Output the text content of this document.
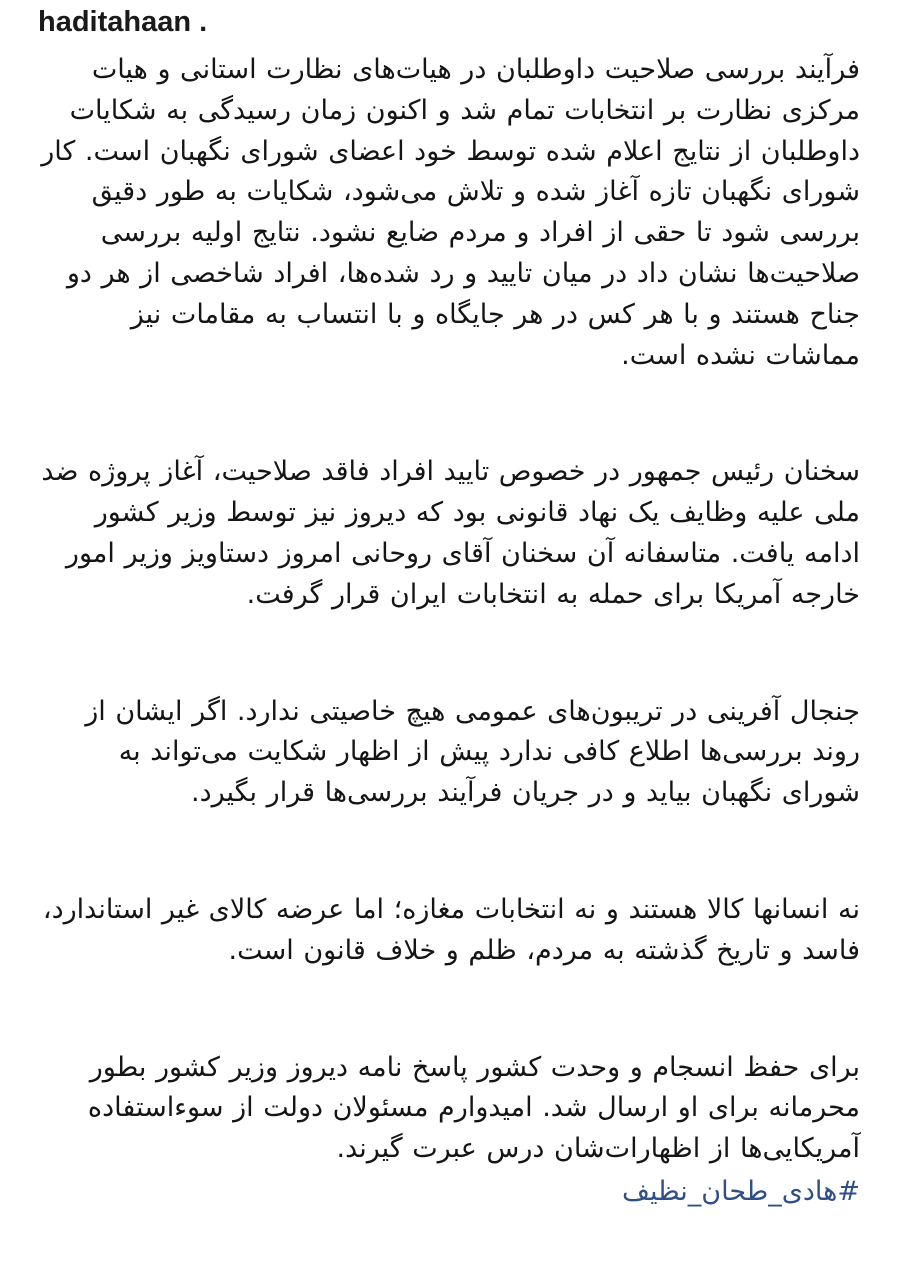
haditahaan .

فرآیند بررسی صلاحیت داوطلبان در هیات‌های نظارت استانی و هیات مرکزی نظارت بر انتخابات تمام شد و اکنون زمان رسیدگی به شکایات داوطلبان از نتایج اعلام شده توسط خود اعضای شورای نگهبان است. کار شورای نگهبان تازه آغاز شده و تلاش می‌شود، شکایات به طور دقیق بررسی شود تا حقی از افراد و مردم ضایع نشود. نتایج اولیه بررسی صلاحیت‌ها نشان داد در میان تایید و رد شده‌ها، افراد شاخصی از هر دو جناح هستند و با هر کس در هر جایگاه و با انتساب به مقامات نیز مماشات نشده است.

سخنان رئیس جمهور در خصوص تایید افراد فاقد صلاحیت، آغاز پروژه ضد ملی علیه وظایف یک نهاد قانونی بود که دیروز نیز توسط وزیر کشور ادامه یافت. متاسفانه آن سخنان آقای روحانی امروز دستاویز وزیر امور خارجه آمریکا برای حمله به انتخابات ایران قرار گرفت.

جنجال آفرینی در تریبون‌های عمومی هیچ خاصیتی ندارد. اگر ایشان از روند بررسی‌ها اطلاع کافی ندارد پیش از اظهار شکایت می‌تواند به شورای نگهبان بیاید و در جریان فرآیند بررسی‌ها قرار بگیرد.

نه انسانها کالا هستند و نه انتخابات مغازه؛ اما عرضه کالای غیر استاندارد، فاسد و تاریخ گذشته به مردم، ظلم و خلاف قانون است.

برای حفظ انسجام و وحدت کشور پاسخ نامه دیروز وزیر کشور بطور محرمانه برای او ارسال شد. امیدوارم مسئولان دولت از سوءاستفاده آمریکایی‌ها از اظهارات‌شان درس عبرت گیرند.

#هادی_طحان_نظیف
